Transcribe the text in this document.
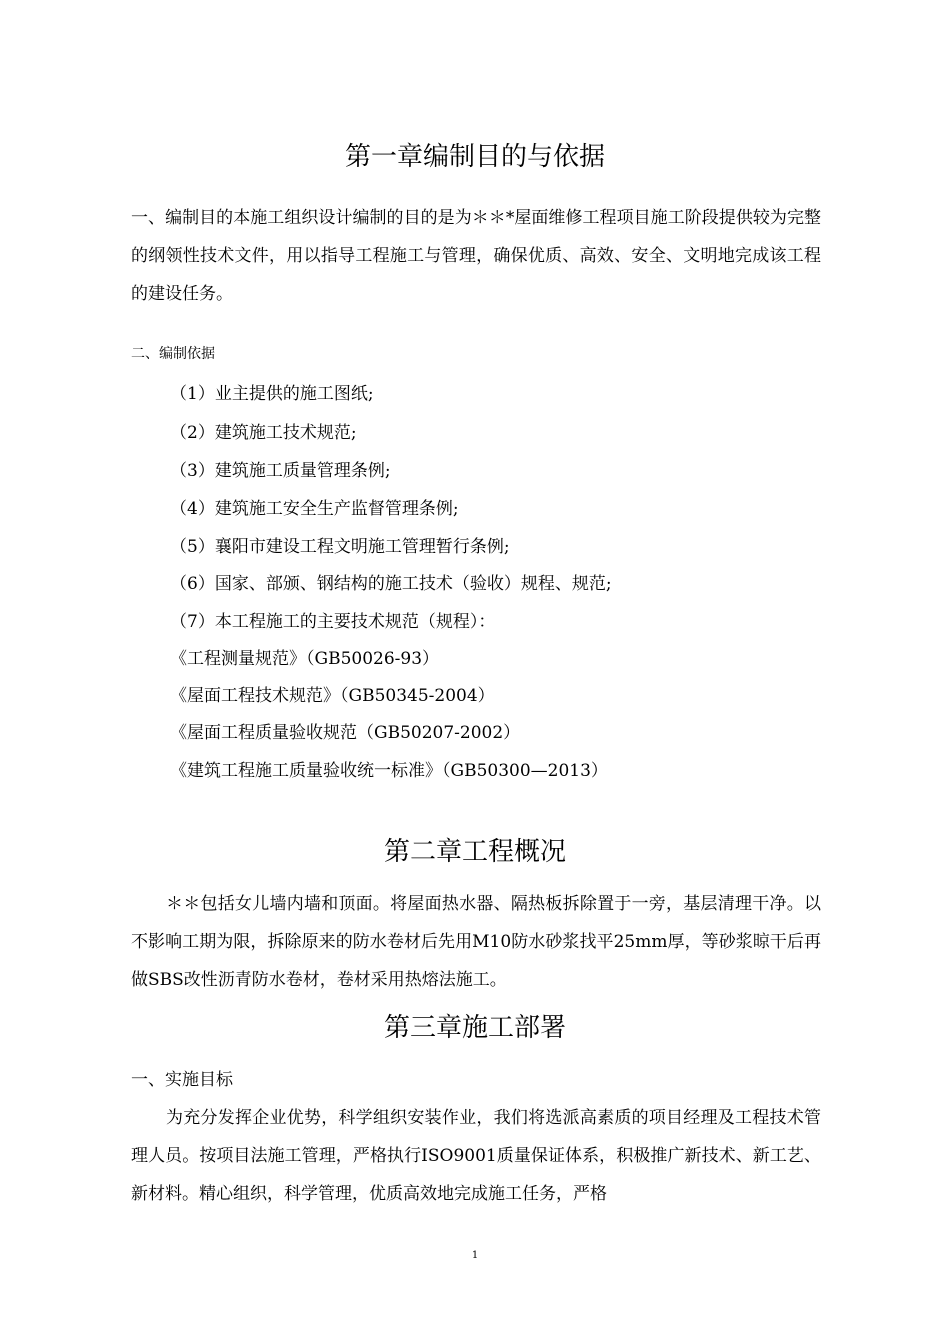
第一章编制目的与依据
一、编制目的本施工组织设计编制的目的是为＊＊*屋面维修工程项目施工阶段提供较为完整的纲领性技术文件，用以指导工程施工与管理，确保优质、高效、安全、文明地完成该工程的建设任务。
二、编制依据
（1）业主提供的施工图纸;
（2）建筑施工技术规范;
（3）建筑施工质量管理条例;
（4）建筑施工安全生产监督管理条例;
（5）襄阳市建设工程文明施工管理暂行条例;
（6）国家、部颁、钢结构的施工技术（验收）规程、规范;
（7）本工程施工的主要技术规范（规程）：
《工程测量规范》（GB50026-93）
《屋面工程技术规范》（GB50345-2004）
《屋面工程质量验收规范（GB50207-2002）
《建筑工程施工质量验收统一标准》（GB50300—2013）
第二章工程概况
＊＊包括女儿墙内墙和顶面。将屋面热水器、隔热板拆除置于一旁，基层清理干净。以不影响工期为限，拆除原来的防水卷材后先用M10防水砂浆找平25mm厚，等砂浆晾干后再做SBS改性沥青防水卷材，卷材采用热熔法施工。
第三章施工部署
一、实施目标
为充分发挥企业优势，科学组织安装作业，我们将选派高素质的项目经理及工程技术管理人员。按项目法施工管理，严格执行ISO9001质量保证体系，积极推广新技术、新工艺、新材料。精心组织，科学管理，优质高效地完成施工任务，严格
1
